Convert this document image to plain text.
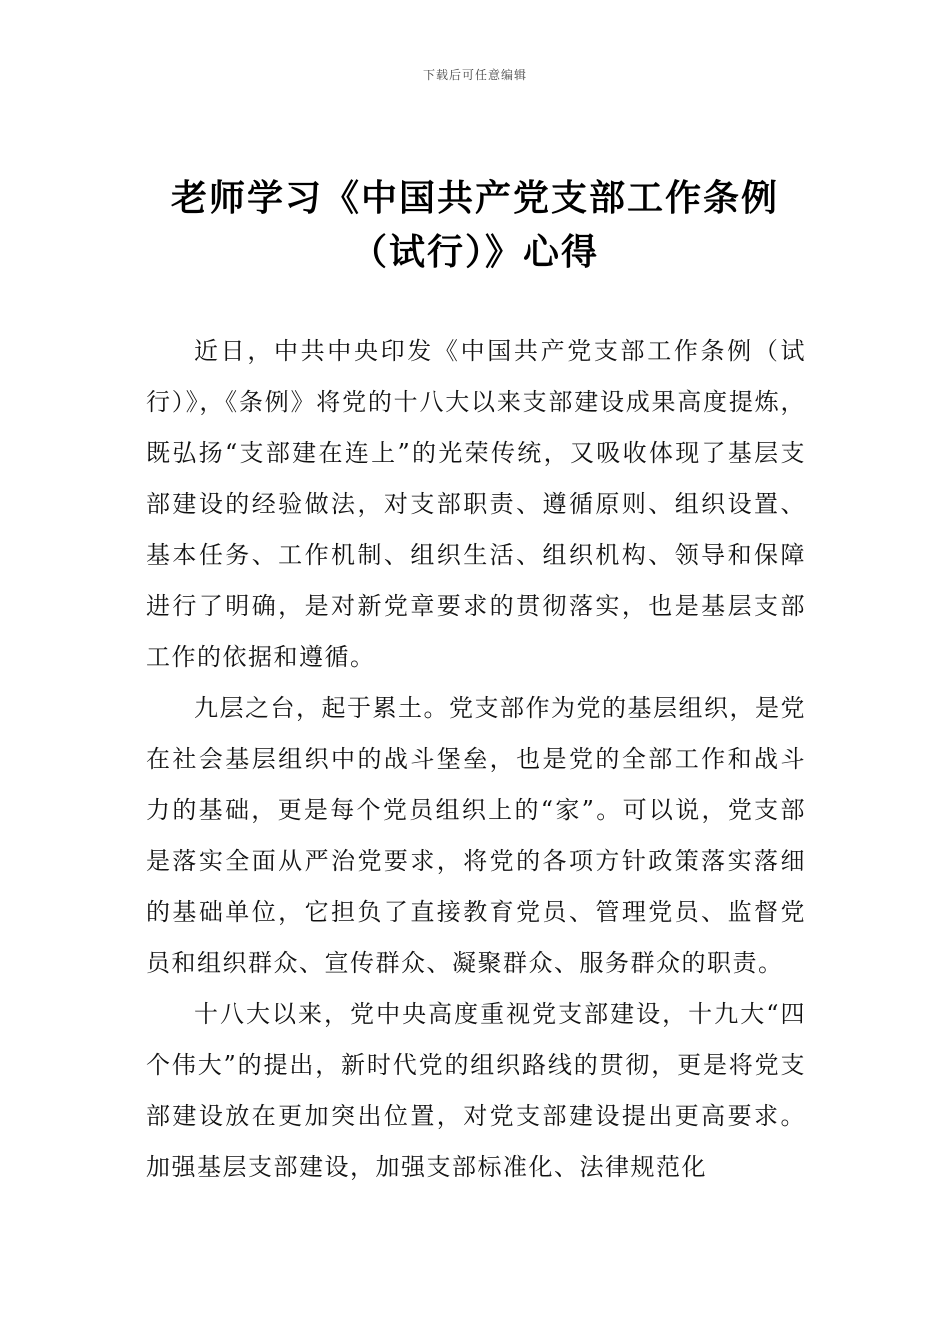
下载后可任意编辑
老师学习《中国共产党支部工作条例（试行）》心得

近日，中共中央印发《中国共产党支部工作条例（试行）》，《条例》将党的十八大以来支部建设成果高度提炼，既弘扬“支部建在连上”的光荣传统，又吸收体现了基层支部建设的经验做法，对支部职责、遵循原则、组织设置、基本任务、工作机制、组织生活、组织机构、领导和保障进行了明确，是对新党章要求的贯彻落实，也是基层支部工作的依据和遵循。

九层之台，起于累土。党支部作为党的基层组织，是党在社会基层组织中的战斗堡垒，也是党的全部工作和战斗力的基础，更是每个党员组织上的“家”。可以说，党支部是落实全面从严治党要求，将党的各项方针政策落实落细的基础单位，它担负了直接教育党员、管理党员、监督党员和组织群众、宣传群众、凝聚群众、服务群众的职责。

十八大以来，党中央高度重视党支部建设，十九大“四个伟大”的提出，新时代党的组织路线的贯彻，更是将党支部建设放在更加突出位置，对党支部建设提出更高要求。加强基层支部建设，加强支部标准化、法律规范化
